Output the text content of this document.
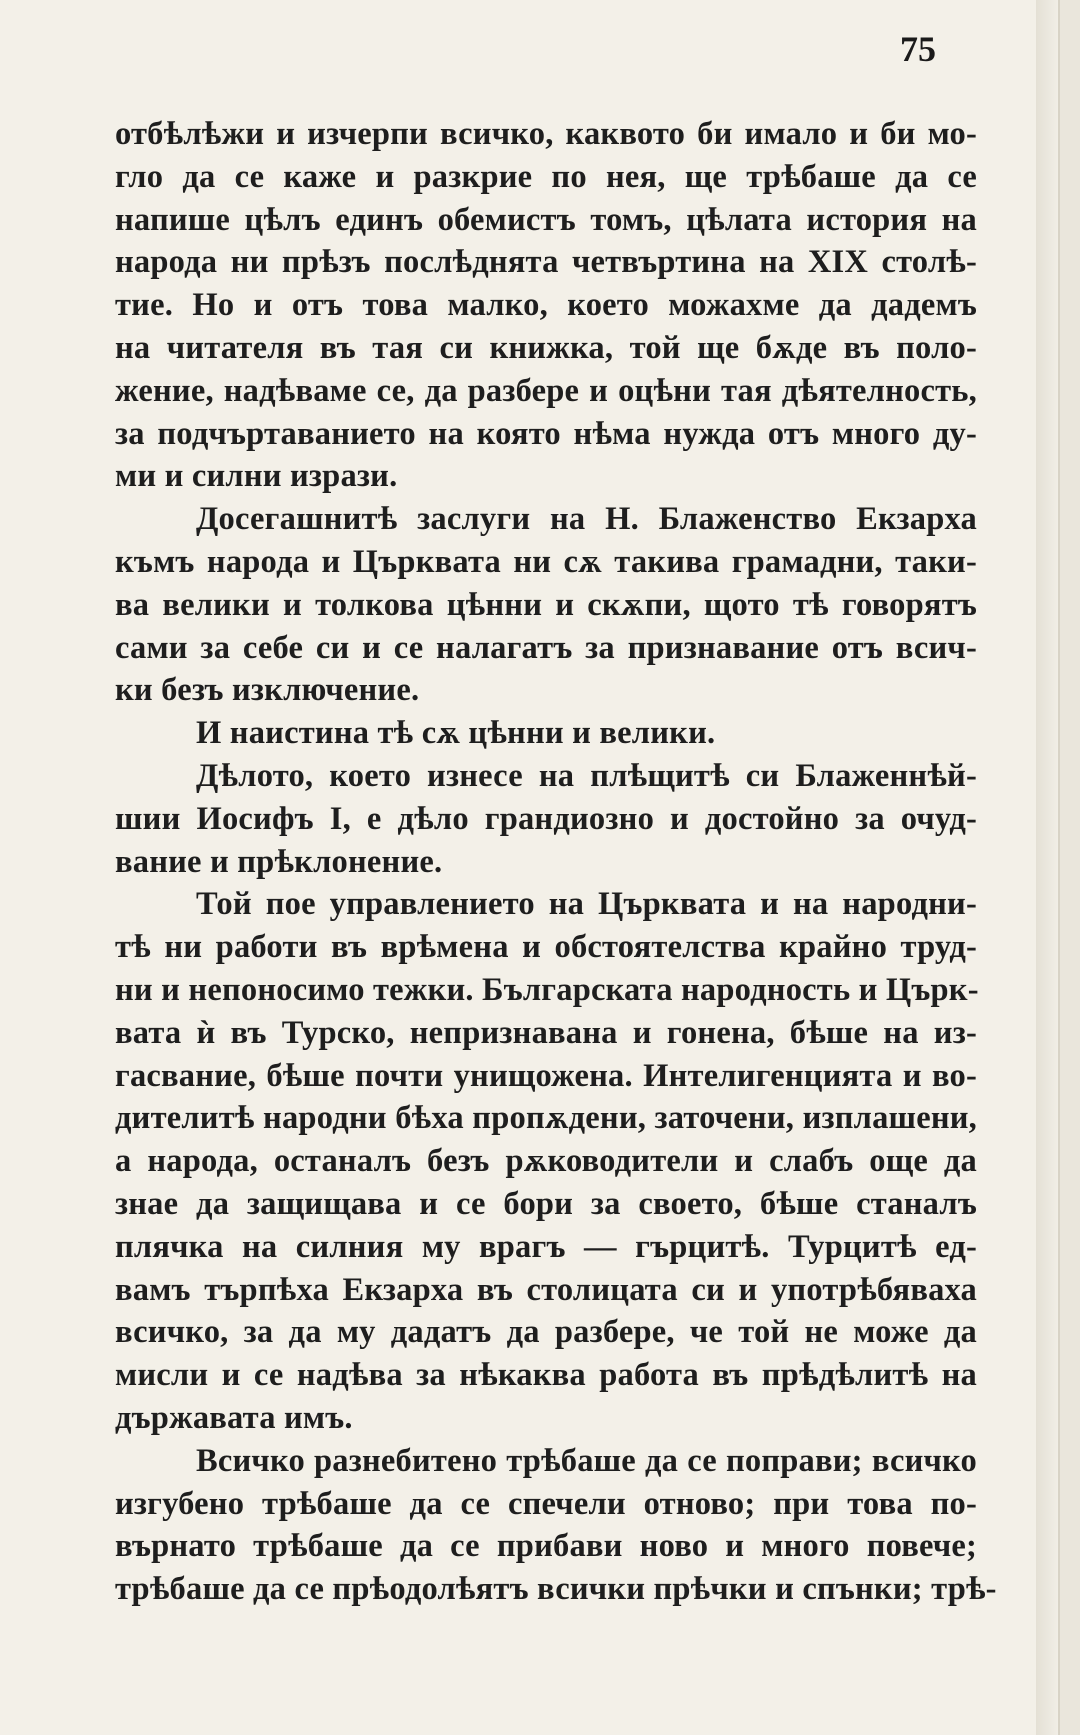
75

отбѣлѣжи и изчерпи всичко, каквото би имало и би мо-
гло да се каже и разкрие по нея, ще трѣбаше да се
напише цѣлъ единъ обемистъ томъ, цѣлата история на
народа ни прѣзъ послѣднята четвъртина на XIX столѣ-
тие. Но и отъ това малко, което можахме да дадемъ
на читателя въ тая си книжка, той ще бѫде въ поло-
жение, надѣваме се, да разбере и оцѣни тая дѣятелность,
за подчъртаванието на която нѣма нужда отъ много ду-
ми и силни изрази.
Досегашнитѣ заслуги на Н. Блаженство Екзарха
къмъ народа и Църквата ни сѫ такива грамадни, таки-
ва велики и толкова цѣнни и скѫпи, щото тѣ говорятъ
сами за себе си и се налагатъ за признавание отъ всич-
ки безъ изключение.
И наистина тѣ сѫ цѣнни и велики.
Дѣлото, което изнесе на плѣщитѣ си Блаженнѣй-
шии Иосифъ I, е дѣло грандиозно и достойно за очуд-
вание и прѣклонение.
Той пое управлението на Църквата и на народни-
тѣ ни работи въ врѣмена и обстоятелства крайно труд-
ни и непоносимо тежки. Българската народность и Църк-
вата ѝ въ Турско, непризнавана и гонена, бѣше на из-
гасвание, бѣше почти унищожена. Интелигенцията и во-
дителитѣ народни бѣха пропѫдени, заточени, изплашени,
а народа, останалъ безъ рѫководители и слабъ още да
знае да защищава и се бори за своето, бѣше станалъ
плячка на силния му врагъ — гърцитѣ. Турцитѣ ед-
вамъ търпѣха Екзарха въ столицата си и употрѣбяваха
всичко, за да му дадатъ да разбере, че той не може да
мисли и се надѣва за нѣкаква работа въ прѣдѣлитѣ на
държавата имъ.
Всичко разнебитено трѣбаше да се поправи; всичко
изгубено трѣбаше да се спечели отново; при това по-
върнато трѣбаше да се прибави ново и много повече;
трѣбаше да се прѣодолѣятъ всички прѣчки и спънки; трѣ-
